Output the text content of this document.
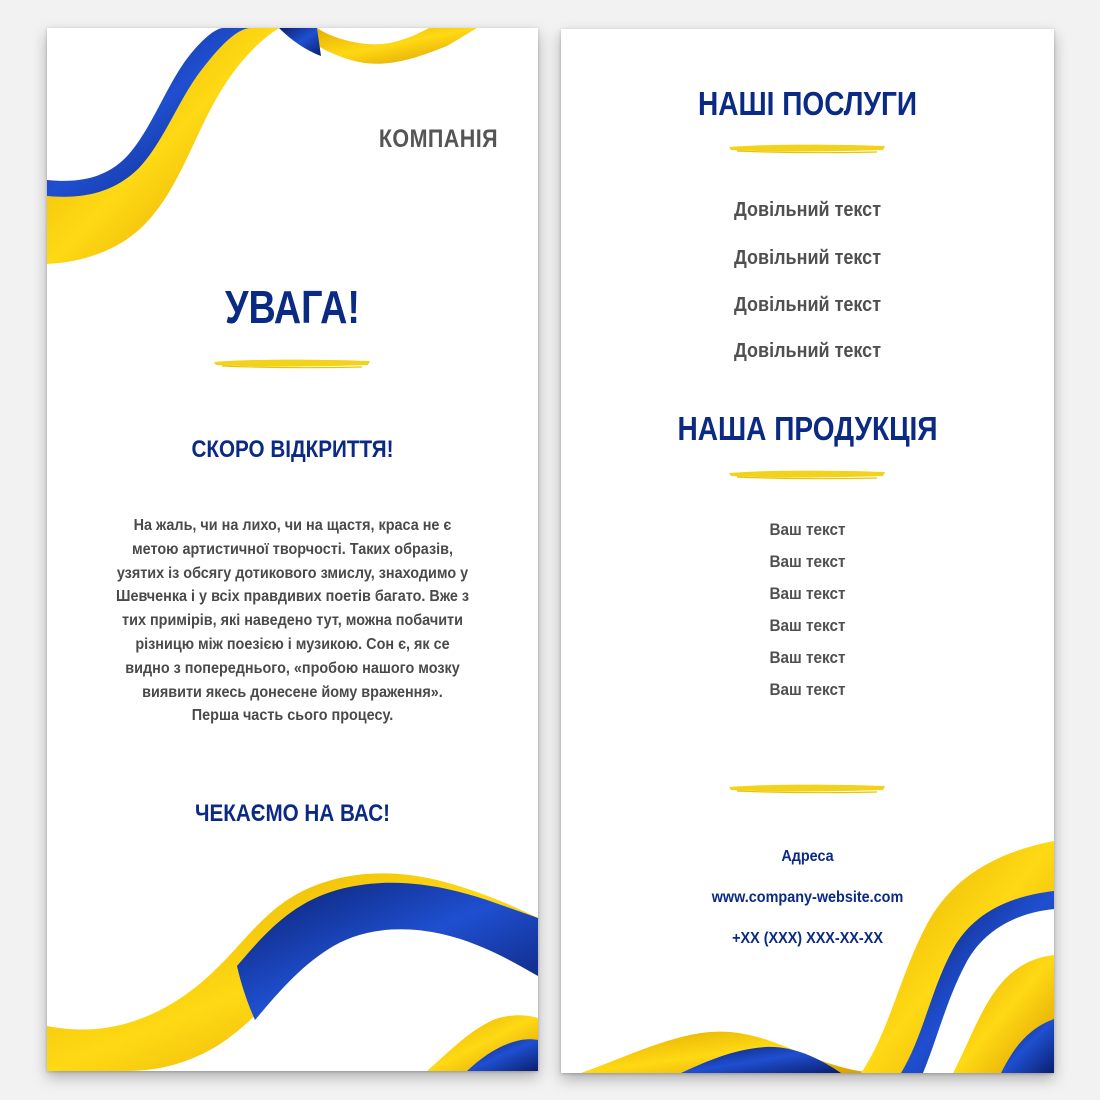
КОМПАНІЯ
УВАГА!
СКОРО ВІДКРИТТЯ!
На жаль, чи на лихо, чи на щастя, краса не є
метою артистичної творчості. Таких образів,
узятих із обсягу дотикового змислу, знаходимо у
Шевченка і у всіх правдивих поетів багато. Вже з
тих примірів, які наведено тут, можна побачити
різницю між поезією і музикою. Сон є, як се
видно з попереднього, «пробою нашого мозку
виявити якесь донесене йому враження».
Перша часть сього процесу.
ЧЕКАЄМО НА ВАС!
НАШІ ПОСЛУГИ
Довільний текст
Довільний текст
Довільний текст
Довільний текст
НАША ПРОДУКЦІЯ
Ваш текст
Ваш текст
Ваш текст
Ваш текст
Ваш текст
Ваш текст
Адреса
www.company-website.com
+XX (XXX) XXX-XX-XX
